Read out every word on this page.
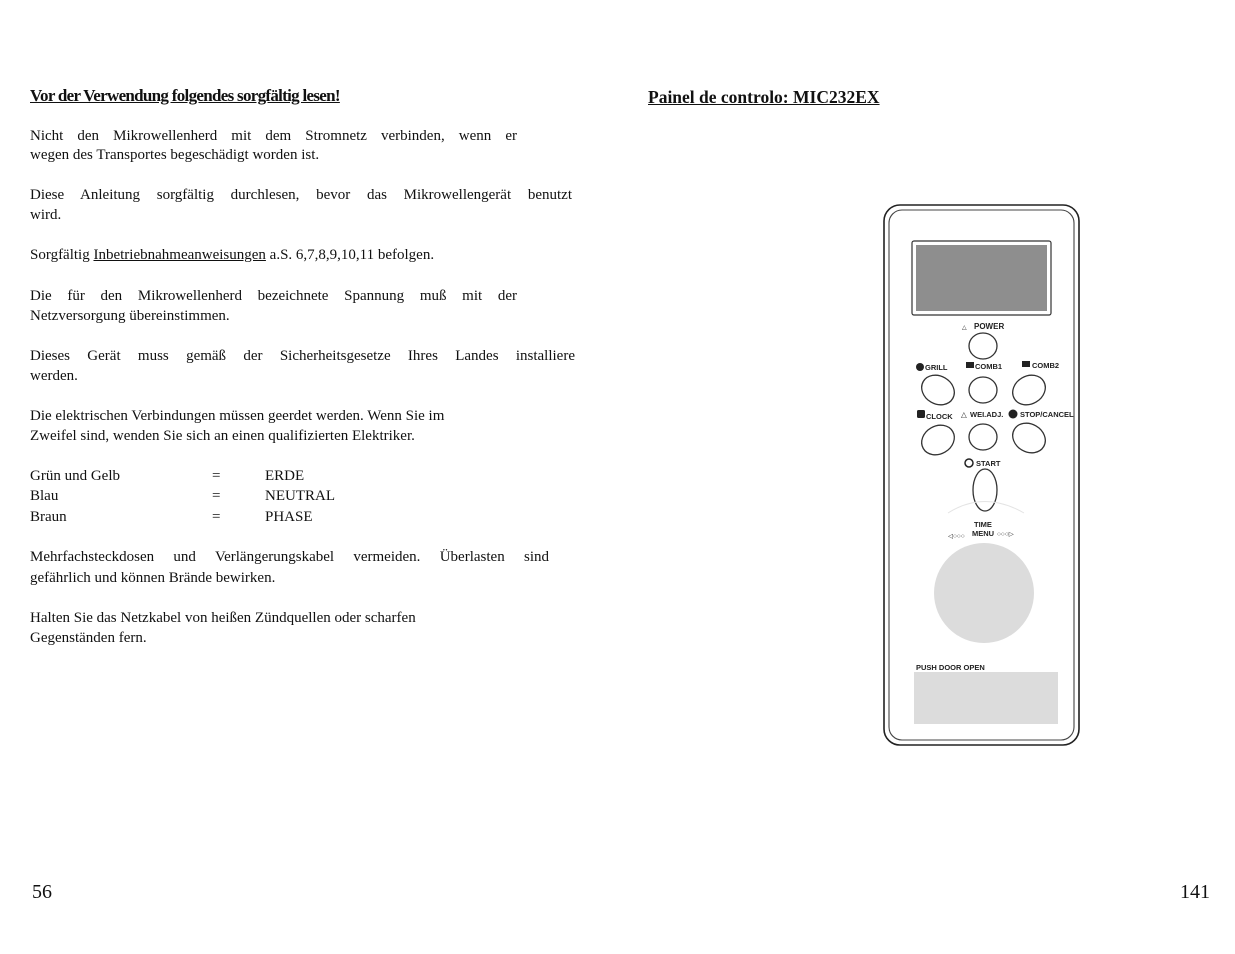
Vor der Verwendung folgendes sorgfältig lesen!

Nicht den Mikrowellenherd mit dem Stromnetz verbinden, wenn er

wegen des Transportes begeschädigt worden ist.

Diese Anleitung sorgfältig durchlesen, bevor das Mikrowellengerät benutzt

wird.

Sorgfältig Inbetriebnahmeanweisungen a.S. 6,7,8,9,10,11 befolgen.

Die für den Mikrowellenherd bezeichnete Spannung muß mit der

Netzversorgung übereinstimmen.

Dieses Gerät muss gemäß der Sicherheitsgesetze Ihres Landes installiere

werden.

Die elektrischen Verbindungen müssen geerdet werden. Wenn Sie im

Zweifel sind, wenden Sie sich an einen qualifizierten Elektriker.

Grün und Gelb	=	ERDE
Blau	=	NEUTRAL
Braun	=	PHASE

Mehrfachsteckdosen und Verlängerungskabel vermeiden. Überlasten sind

gefährlich und können Brände bewirken.

Halten Sie das Netzkabel von heißen Zündquellen oder scharfen

Gegenständen fern.

56
Painel de controlo: MIC232EX
△ POWER
GRILL	COMB1	COMB2
CLOCK △ WEI.ADJ. STOP/CANCEL
START
◁○○○
TIME
MENU ○○○▷
PUSH DOOR OPEN
141
